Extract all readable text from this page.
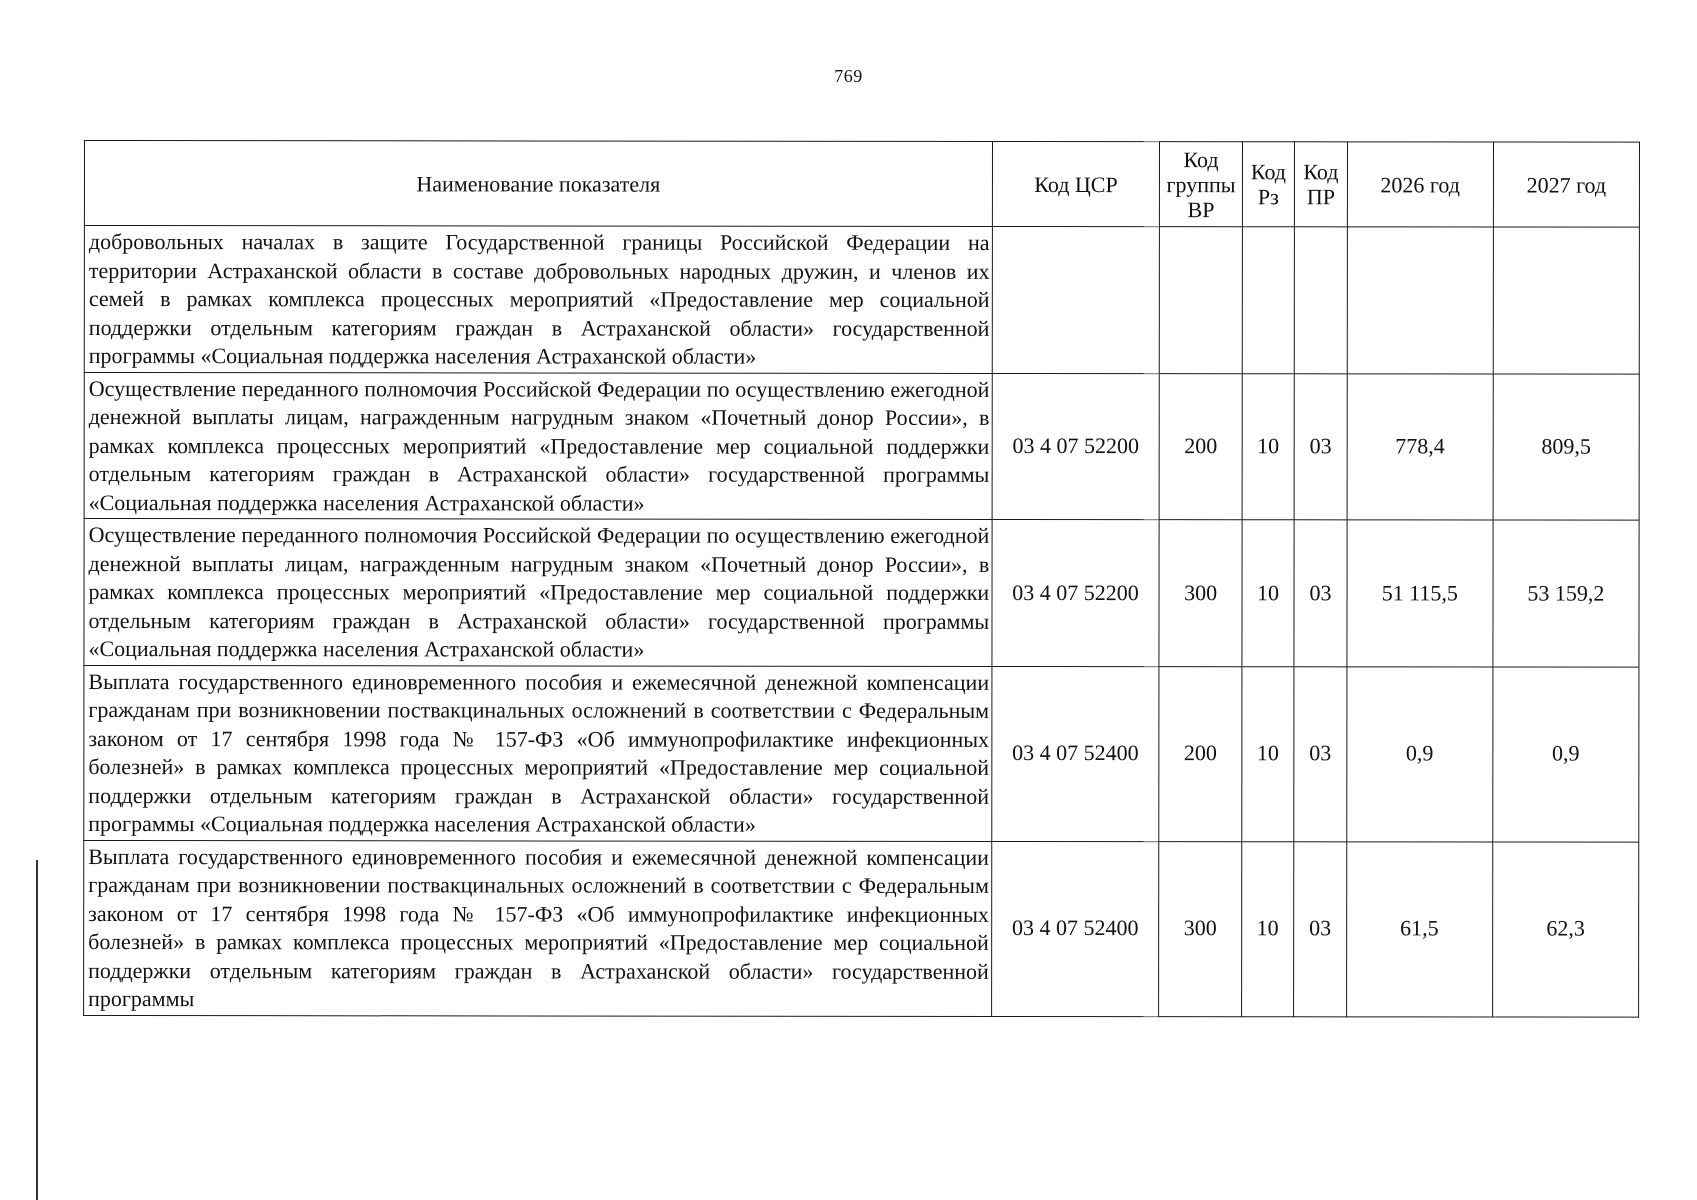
769
Наименование показателя	Код ЦСР	Код группы ВР	Код Рз	Код ПР	2026 год	2027 год
добровольных началах в защите Государственной границы Российской Федерации на территории Астраханской области в составе добровольных народных дружин, и членов их семей в рамках комплекса процессных мероприятий «Предоставление мер социальной поддержки отдельным категориям граждан в Астраханской области» государственной программы «Социальная поддержка населения Астраханской области»						
Осуществление переданного полномочия Российской Федерации по осуществлению ежегодной денежной выплаты лицам, награжденным нагрудным знаком «Почетный донор России», в рамках комплекса процессных мероприятий «Предоставление мер социальной поддержки отдельным категориям граждан в Астраханской области» государственной программы «Социальная поддержка населения Астраханской области»	03 4 07 52200	200	10	03	778,4	809,5
Осуществление переданного полномочия Российской Федерации по осуществлению ежегодной денежной выплаты лицам, награжденным нагрудным знаком «Почетный донор России», в рамках комплекса процессных мероприятий «Предоставление мер социальной поддержки отдельным категориям граждан в Астраханской области» государственной программы «Социальная поддержка населения Астраханской области»	03 4 07 52200	300	10	03	51 115,5	53 159,2
Выплата государственного единовременного пособия и ежемесячной денежной компенсации гражданам при возникновении поствакцинальных осложнений в соответствии с Федеральным законом от 17 сентября 1998 года № 157-ФЗ «Об иммунопрофилактике инфекционных болезней» в рамках комплекса процессных мероприятий «Предоставление мер социальной поддержки отдельным категориям граждан в Астраханской области» государственной программы «Социальная поддержка населения Астраханской области»	03 4 07 52400	200	10	03	0,9	0,9
Выплата государственного единовременного пособия и ежемесячной денежной компенсации гражданам при возникновении поствакцинальных осложнений в соответствии с Федеральным законом от 17 сентября 1998 года № 157-ФЗ «Об иммунопрофилактике инфекционных болезней» в рамках комплекса процессных мероприятий «Предоставление мер социальной поддержки отдельным категориям граждан в Астраханской области» государственной программы	03 4 07 52400	300	10	03	61,5	62,3
